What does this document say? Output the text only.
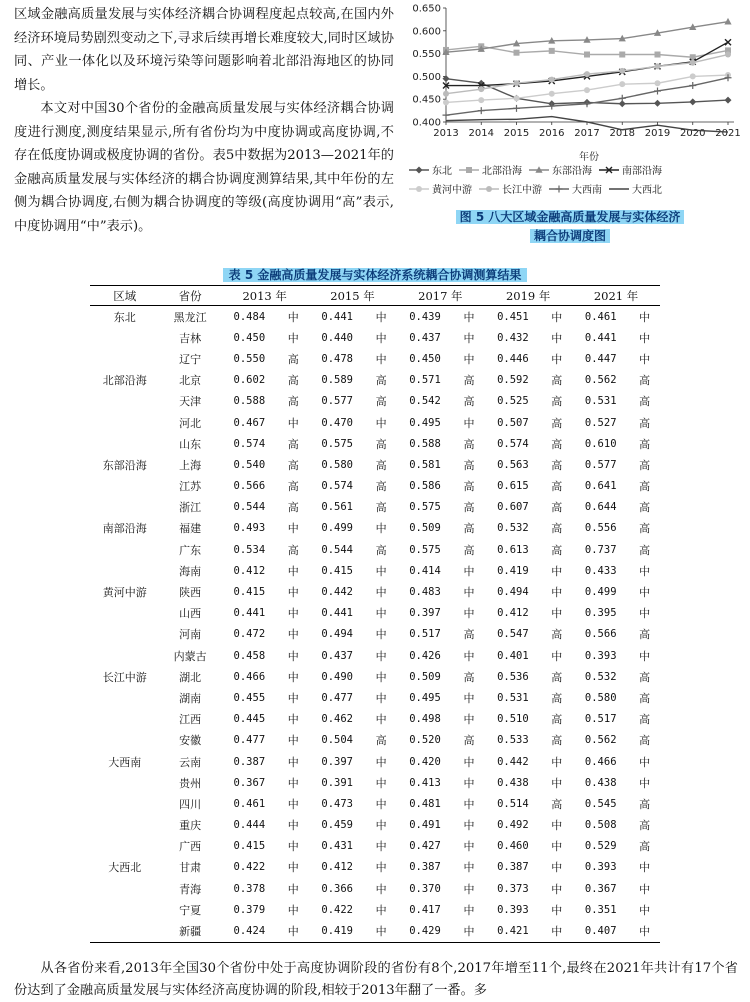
区域金融高质量发展与实体经济耦合协调程度起点较高,在国内外经济环境局势剧烈变动之下,寻求后续再增长难度较大,同时区域协同、产业一体化以及环境污染等问题影响着北部沿海地区的协同增长。

本文对中国30个省份的金融高质量发展与实体经济耦合协调度进行测度,测度结果显示,所有省份均为中度协调或高度协调,不存在低度协调或极度协调的省份。表5中数据为2013—2021年的金融高质量发展与实体经济的耦合协调度测算结果,其中年份的左侧为耦合协调度,右侧为耦合协调度的等级(高度协调用“高”表示,中度协调用“中”表示)。

0.400
0.450
0.500
0.550
0.600
0.650
2013 2014 2015 2016 2017 2018 2019 2020 2021
年份
东北	北部沿海	东部沿海	南部沿海
黄河中游	长江中游	大西南	大西北
图 5 八大区域金融高质量发展与实体经济
耦合协调度图
表 5 金融高质量发展与实体经济系统耦合协调测算结果
区域	省份	2013 年		2015 年		2017 年		2019 年		2021 年	
东北	黑龙江	0.484	中	0.441	中	0.439	中	0.451	中	0.461	中
	吉林	0.450	中	0.440	中	0.437	中	0.432	中	0.441	中
	辽宁	0.550	高	0.478	中	0.450	中	0.446	中	0.447	中
北部沿海	北京	0.602	高	0.589	高	0.571	高	0.592	高	0.562	高
	天津	0.588	高	0.577	高	0.542	高	0.525	高	0.531	高
	河北	0.467	中	0.470	中	0.495	中	0.507	高	0.527	高
	山东	0.574	高	0.575	高	0.588	高	0.574	高	0.610	高
东部沿海	上海	0.540	高	0.580	高	0.581	高	0.563	高	0.577	高
	江苏	0.566	高	0.574	高	0.586	高	0.615	高	0.641	高
	浙江	0.544	高	0.561	高	0.575	高	0.607	高	0.644	高
南部沿海	福建	0.493	中	0.499	中	0.509	高	0.532	高	0.556	高
	广东	0.534	高	0.544	高	0.575	高	0.613	高	0.737	高
	海南	0.412	中	0.415	中	0.414	中	0.419	中	0.433	中
黄河中游	陕西	0.415	中	0.442	中	0.483	中	0.494	中	0.499	中
	山西	0.441	中	0.441	中	0.397	中	0.412	中	0.395	中
	河南	0.472	中	0.494	中	0.517	高	0.547	高	0.566	高
	内蒙古	0.458	中	0.437	中	0.426	中	0.401	中	0.393	中
长江中游	湖北	0.466	中	0.490	中	0.509	高	0.536	高	0.532	高
	湖南	0.455	中	0.477	中	0.495	中	0.531	高	0.580	高
	江西	0.445	中	0.462	中	0.498	中	0.510	高	0.517	高
	安徽	0.477	中	0.504	高	0.520	高	0.533	高	0.562	高
大西南	云南	0.387	中	0.397	中	0.420	中	0.442	中	0.466	中
	贵州	0.367	中	0.391	中	0.413	中	0.438	中	0.438	中
	四川	0.461	中	0.473	中	0.481	中	0.514	高	0.545	高
	重庆	0.444	中	0.459	中	0.491	中	0.492	中	0.508	高
	广西	0.415	中	0.431	中	0.427	中	0.460	中	0.529	高
大西北	甘肃	0.422	中	0.412	中	0.387	中	0.387	中	0.393	中
	青海	0.378	中	0.366	中	0.370	中	0.373	中	0.367	中
	宁夏	0.379	中	0.422	中	0.417	中	0.393	中	0.351	中
	新疆	0.424	中	0.419	中	0.429	中	0.421	中	0.407	中

从各省份来看,2013年全国30个省份中处于高度协调阶段的省份有8个,2017年增至11个,最终在2021年共计有17个省份达到了金融高质量发展与实体经济高度协调的阶段,相较于2013年翻了一番。多
